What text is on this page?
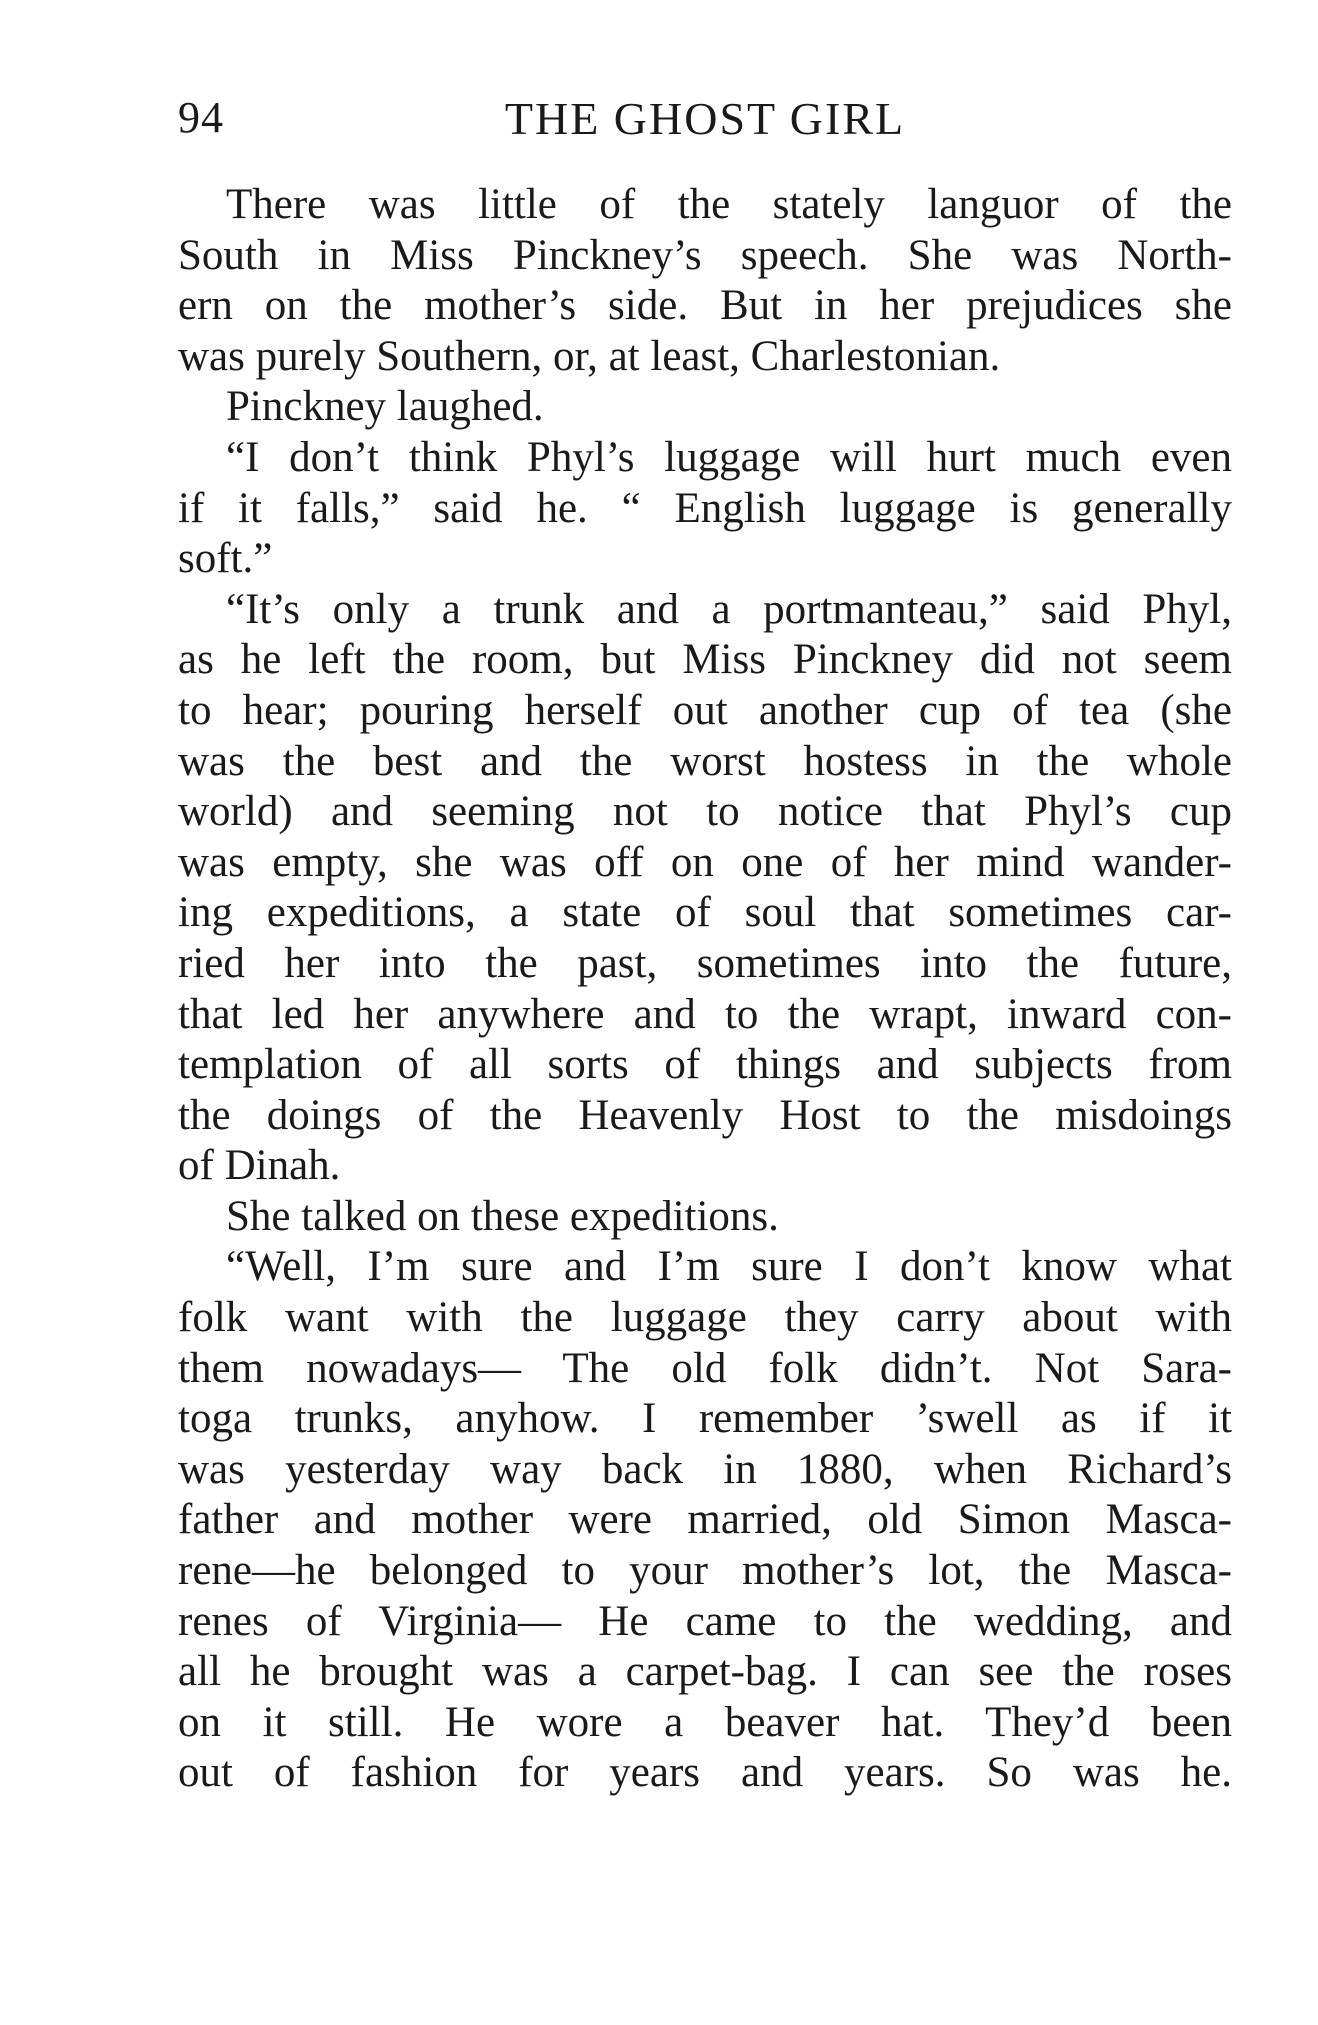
94	THE GHOST GIRL
There was little of the stately languor of the
South in Miss Pinckney’s speech. She was North-
ern on the mother’s side. But in her prejudices she
was purely Southern, or, at least, Charlestonian.
Pinckney laughed.
“I don’t think Phyl’s luggage will hurt much even
if it falls,” said he. “ English luggage is generally
soft.”
“It’s only a trunk and a portmanteau,” said Phyl,
as he left the room, but Miss Pinckney did not seem
to hear; pouring herself out another cup of tea (she
was the best and the worst hostess in the whole
world) and seeming not to notice that Phyl’s cup
was empty, she was off on one of her mind wander-
ing expeditions, a state of soul that sometimes car-
ried her into the past, sometimes into the future,
that led her anywhere and to the wrapt, inward con-
templation of all sorts of things and subjects from
the doings of the Heavenly Host to the misdoings
of Dinah.
She talked on these expeditions.
“Well, I’m sure and I’m sure I don’t know what
folk want with the luggage they carry about with
them nowadays— The old folk didn’t. Not Sara-
toga trunks, anyhow. I remember ’swell as if it
was yesterday way back in 1880, when Richard’s
father and mother were married, old Simon Masca-
rene—he belonged to your mother’s lot, the Masca-
renes of Virginia— He came to the wedding, and
all he brought was a carpet-bag. I can see the roses
on it still. He wore a beaver hat. They’d been
out of fashion for years and years. So was he.
